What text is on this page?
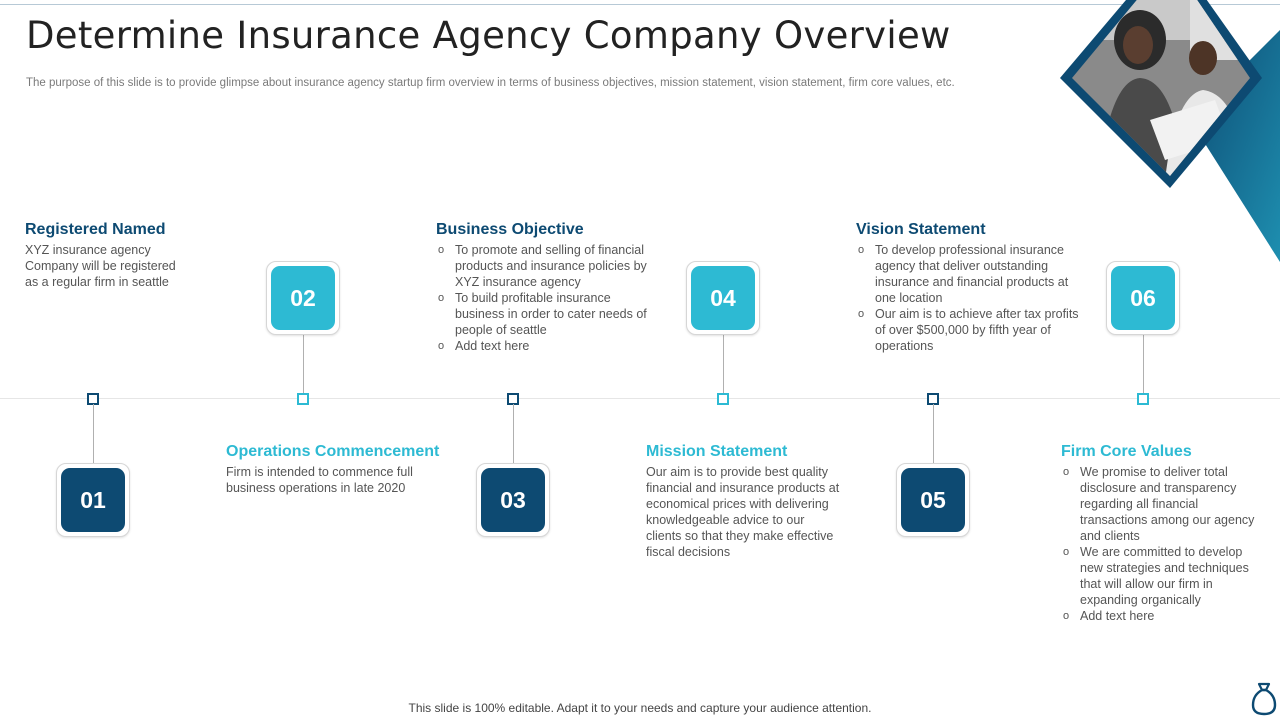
Determine Insurance Agency Company Overview
The purpose of this slide is to provide glimpse about insurance agency startup firm overview in terms of business objectives, mission statement, vision statement, firm core values, etc.
01
02
03
04
05
06
Registered Named

XYZ insurance agency Company will be registered as a regular firm in seattle

Operations Commencement

Firm is intended to commence full business operations in late 2020

Business Objective
o To promote and selling of financial products and insurance policies by XYZ insurance agency
o To build profitable insurance business in order to cater needs of people of seattle
o Add text here
Mission Statement

Our aim is to provide best quality financial and insurance products at economical prices with delivering knowledgeable advice to our clients so that they make effective fiscal decisions

Vision Statement
o To develop professional insurance agency that deliver outstanding insurance and financial products at one location
o Our aim is to achieve after tax profits of over $500,000 by fifth year of operations
Firm Core Values
o We promise to deliver total disclosure and transparency regarding all financial transactions among our agency and clients
o We are committed to develop new strategies and techniques that will allow our firm in expanding organically
o Add text here
This slide is 100% editable. Adapt it to your needs and capture your audience attention.
